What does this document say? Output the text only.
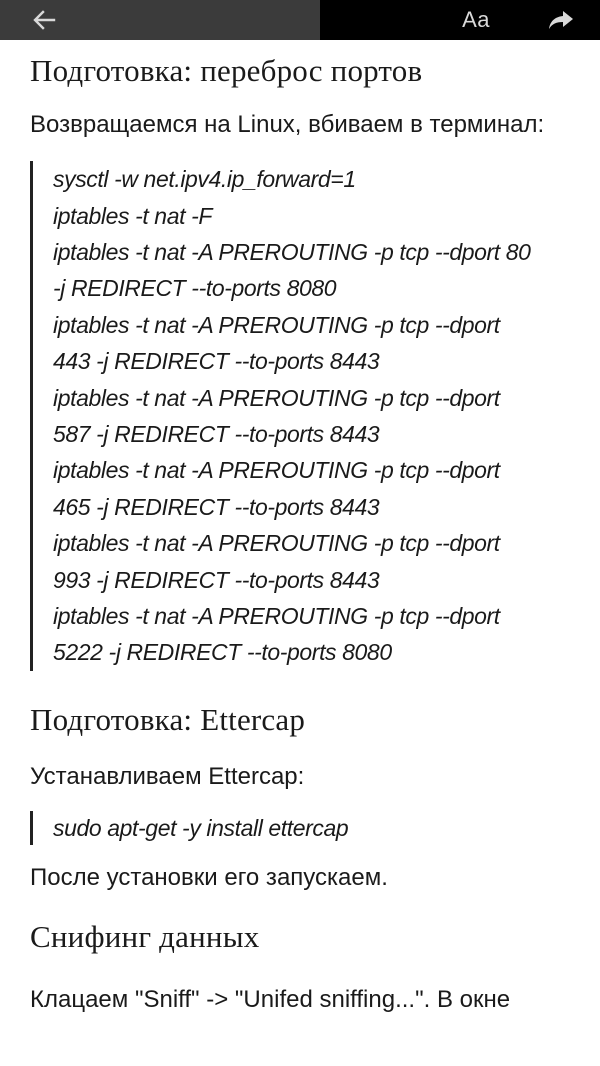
Aa
Подготовка: переброс портов

Возвращаемся на Linux, вбиваем в терминал:

sysctl -w net.ipv4.ip_forward=1
iptables -t nat -F
iptables -t nat -A PREROUTING -p tcp --dport 80
-j REDIRECT --to-ports 8080
iptables -t nat -A PREROUTING -p tcp --dport
443 -j REDIRECT --to-ports 8443
iptables -t nat -A PREROUTING -p tcp --dport
587 -j REDIRECT --to-ports 8443
iptables -t nat -A PREROUTING -p tcp --dport
465 -j REDIRECT --to-ports 8443
iptables -t nat -A PREROUTING -p tcp --dport
993 -j REDIRECT --to-ports 8443
iptables -t nat -A PREROUTING -p tcp --dport
5222 -j REDIRECT --to-ports 8080
Подготовка: Ettercap

Устанавливаем Ettercap:

sudo apt-get -y install ettercap

После установки его запускаем.

Снифинг данных

Клацаем "Sniff" -> "Unifed sniffing...". В окне
